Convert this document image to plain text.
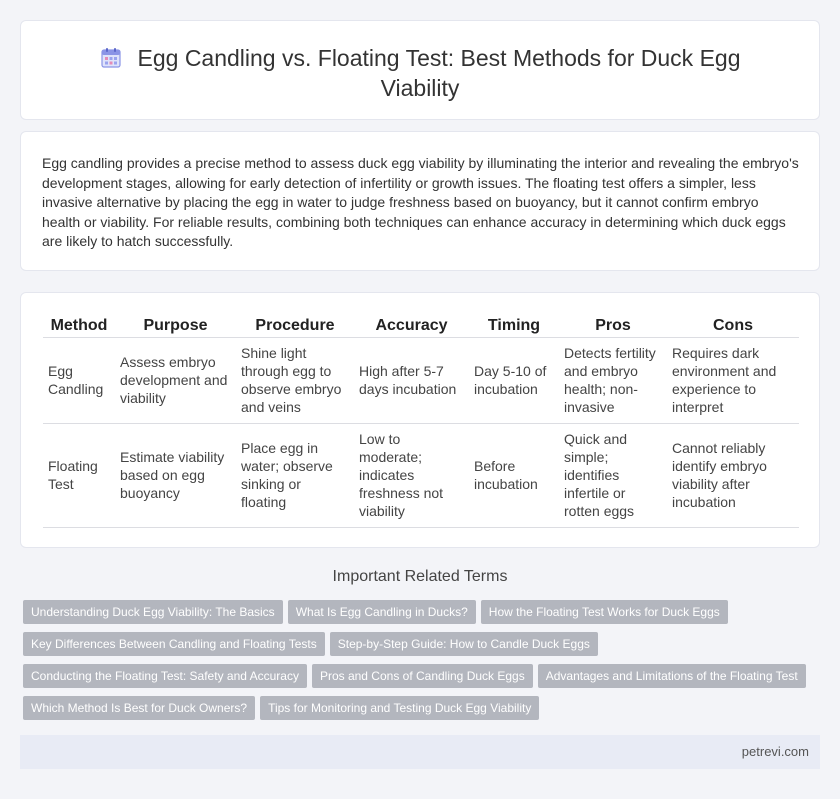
Egg Candling vs. Floating Test: Best Methods for Duck Egg
Viability

Egg candling provides a precise method to assess duck egg viability by illuminating the interior and revealing the embryo's development stages, allowing for early detection of infertility or growth issues. The floating test offers a simpler, less invasive alternative by placing the egg in water to judge freshness based on buoyancy, but it cannot confirm embryo health or viability. For reliable results, combining both techniques can enhance accuracy in determining which duck eggs are likely to hatch successfully.

Method	Purpose	Procedure	Accuracy	Timing	Pros	Cons
Egg Candling	Assess embryo development and viability	Shine light through egg to observe embryo and veins	High after 5-7 days incubation	Day 5-10 of incubation	Detects fertility and embryo health; non-invasive	Requires dark environment and experience to interpret
Floating Test	Estimate viability based on egg buoyancy	Place egg in water; observe sinking or floating	Low to moderate; indicates freshness not viability	Before incubation	Quick and simple; identifies infertile or rotten eggs	Cannot reliably identify embryo viability after incubation
Important Related Terms
Understanding Duck Egg Viability: The Basics What Is Egg Candling in Ducks? How the Floating Test Works for Duck Eggs
Key Differences Between Candling and Floating Tests Step-by-Step Guide: How to Candle Duck Eggs
Conducting the Floating Test: Safety and Accuracy Pros and Cons of Candling Duck Eggs Advantages and Limitations of the Floating Test
Which Method Is Best for Duck Owners? Tips for Monitoring and Testing Duck Egg Viability
petrevi.com
